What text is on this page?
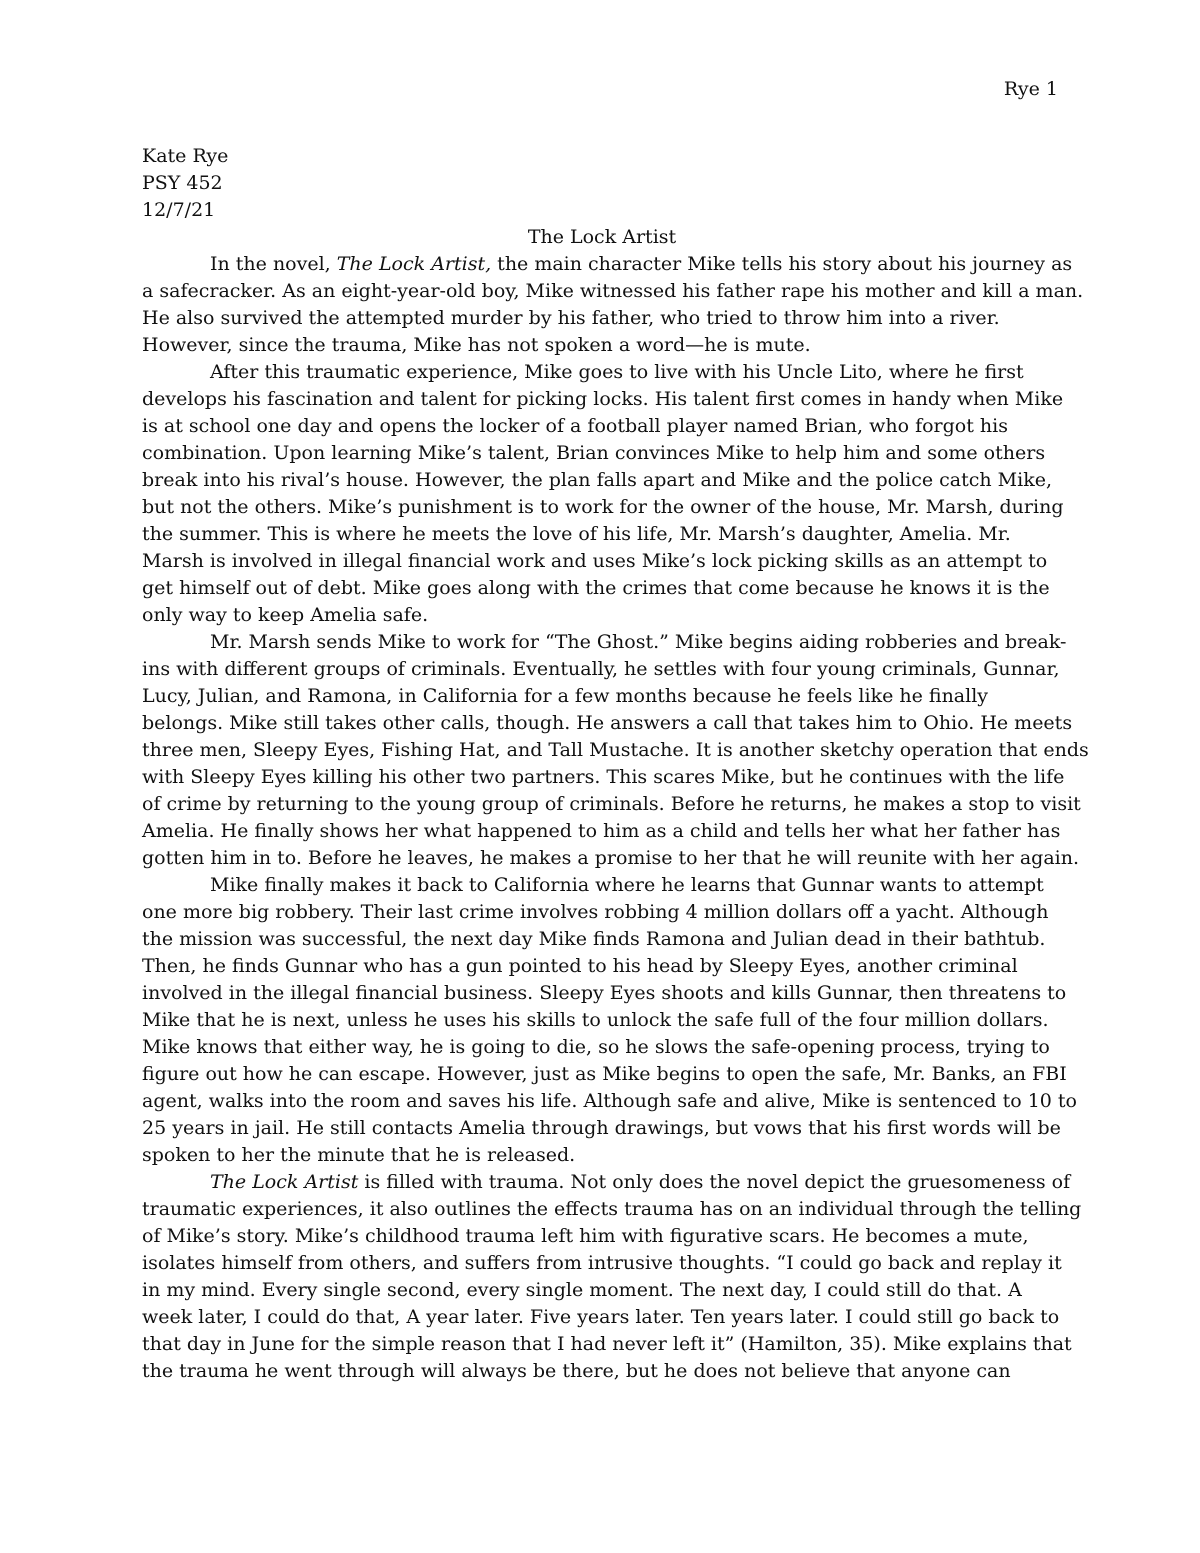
Rye 1
Kate Rye
PSY 452
12/7/21
The Lock Artist
In the novel, The Lock Artist, the main character Mike tells his story about his journey as
a safecracker. As an eight-year-old boy, Mike witnessed his father rape his mother and kill a man.
He also survived the attempted murder by his father, who tried to throw him into a river.
However, since the trauma, Mike has not spoken a word—he is mute.
After this traumatic experience, Mike goes to live with his Uncle Lito, where he first
develops his fascination and talent for picking locks. His talent first comes in handy when Mike
is at school one day and opens the locker of a football player named Brian, who forgot his
combination. Upon learning Mike’s talent, Brian convinces Mike to help him and some others
break into his rival’s house. However, the plan falls apart and Mike and the police catch Mike,
but not the others. Mike’s punishment is to work for the owner of the house, Mr. Marsh, during
the summer. This is where he meets the love of his life, Mr. Marsh’s daughter, Amelia. Mr.
Marsh is involved in illegal financial work and uses Mike’s lock picking skills as an attempt to
get himself out of debt. Mike goes along with the crimes that come because he knows it is the
only way to keep Amelia safe.
Mr. Marsh sends Mike to work for “The Ghost.” Mike begins aiding robberies and break-
ins with different groups of criminals. Eventually, he settles with four young criminals, Gunnar,
Lucy, Julian, and Ramona, in California for a few months because he feels like he finally
belongs. Mike still takes other calls, though. He answers a call that takes him to Ohio. He meets
three men, Sleepy Eyes, Fishing Hat, and Tall Mustache. It is another sketchy operation that ends
with Sleepy Eyes killing his other two partners. This scares Mike, but he continues with the life
of crime by returning to the young group of criminals. Before he returns, he makes a stop to visit
Amelia. He finally shows her what happened to him as a child and tells her what her father has
gotten him in to. Before he leaves, he makes a promise to her that he will reunite with her again.
Mike finally makes it back to California where he learns that Gunnar wants to attempt
one more big robbery. Their last crime involves robbing 4 million dollars off a yacht. Although
the mission was successful, the next day Mike finds Ramona and Julian dead in their bathtub.
Then, he finds Gunnar who has a gun pointed to his head by Sleepy Eyes, another criminal
involved in the illegal financial business. Sleepy Eyes shoots and kills Gunnar, then threatens to
Mike that he is next, unless he uses his skills to unlock the safe full of the four million dollars.
Mike knows that either way, he is going to die, so he slows the safe-opening process, trying to
figure out how he can escape. However, just as Mike begins to open the safe, Mr. Banks, an FBI
agent, walks into the room and saves his life. Although safe and alive, Mike is sentenced to 10 to
25 years in jail. He still contacts Amelia through drawings, but vows that his first words will be
spoken to her the minute that he is released.
The Lock Artist is filled with trauma. Not only does the novel depict the gruesomeness of
traumatic experiences, it also outlines the effects trauma has on an individual through the telling
of Mike’s story. Mike’s childhood trauma left him with figurative scars. He becomes a mute,
isolates himself from others, and suffers from intrusive thoughts. “I could go back and replay it
in my mind. Every single second, every single moment. The next day, I could still do that. A
week later, I could do that, A year later. Five years later. Ten years later. I could still go back to
that day in June for the simple reason that I had never left it” (Hamilton, 35). Mike explains that
the trauma he went through will always be there, but he does not believe that anyone can
